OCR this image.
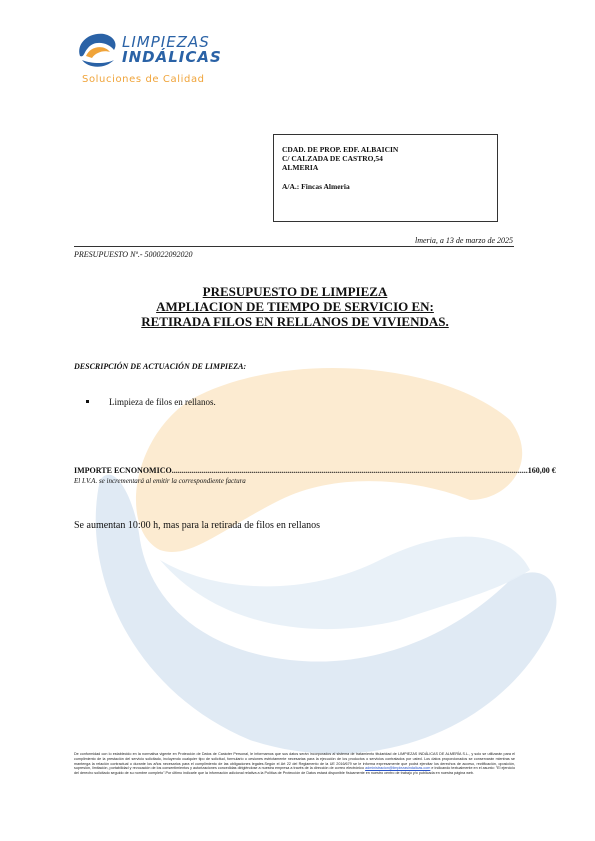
LIMPIEZAS
INDÁLICAS
Soluciones de Calidad
CDAD. DE PROP. EDF. ALBAICIN
C/ CALZADA DE CASTRO,54
ALMERIA
A/A.: Fincas Almeria
lmeria, a 13 de marzo de 2025
PRESUPUESTO Nº.- 500022092020
PRESUPUESTO DE LIMPIEZA
AMPLIACION DE TIEMPO DE SERVICIO EN:
RETIRADA FILOS EN RELLANOS DE VIVIENDAS.
DESCRIPCIÓN DE ACTUACIÓN DE LIMPIEZA:
Limpieza de filos en rellanos.
IMPORTE ECNONOMICO .................................................................................................................................................................................. 160,00 €
El I.V.A. se incrementará al emitir la correspondiente factura
Se aumentan 10:00 h, mas para la retirada de filos en rellanos
De conformidad con lo establecido en la normativa vigente en Protección de Datos de Carácter Personal, le informamos que sus datos serán incorporados al sistema de tratamiento titularidad de LIMPIEZAS INDÁLICAS DE ALMERÍA S.L., y solo se utilizarán para el cumplimiento de la prestación del servicio solicitado, incluyendo cualquier tipo de solicitud, formulario o cesiones estrictamente necesarias para la ejecución de los productos o servicios contratados por usted. Los datos proporcionados se conservarán mientras se mantenga la relación contractual o durante los años necesarios para el cumplimiento de las obligaciones legales.Según el Art 22 del Reglamento de la UE 2016/679 se le informa expresamente que podrá ejercitar los derechos de acceso, rectificación, oposición, supresión, limitación, portabilidad y revocación de los consentimientos y autorizaciones concedidas dirigiéndose a nuestra empresa a través de la dirección de correo electrónico administracion@limpiezasindalicas.com e indicando textualmente en el asunto: "El ejercicio del derecho solicitado seguido de su nombre completo".Por último indicarle que la información adicional relativa a la Política de Protección de Datos estará disponible físicamente en nuestro centro de trabajo y/o publicada en nuestra página web.
